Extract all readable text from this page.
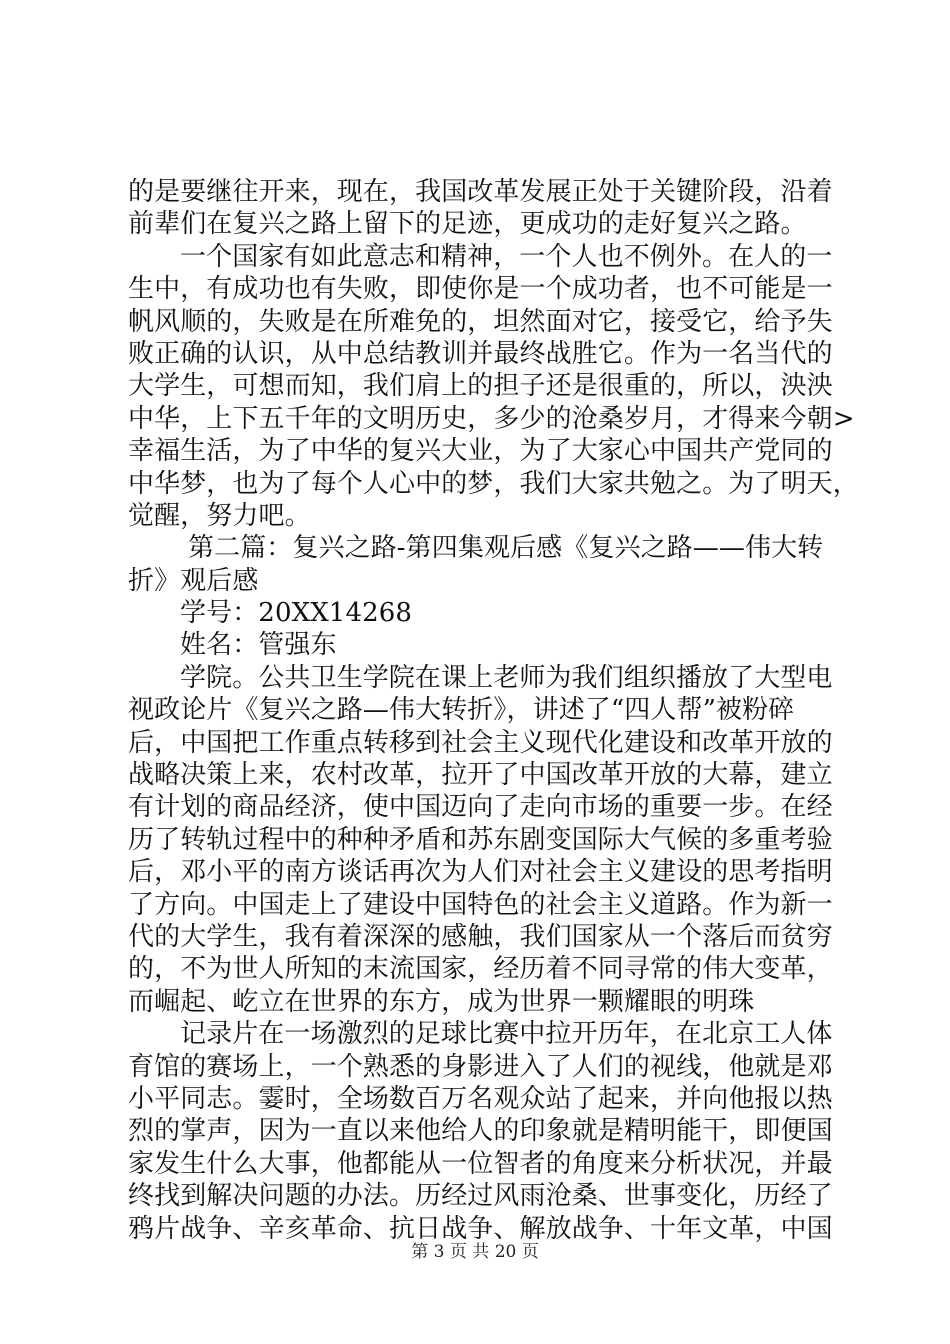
的是要继往开来，现在，我国改革发展正处于关键阶段，沿着
前辈们在复兴之路上留下的足迹，更成功的走好复兴之路。
一个国家有如此意志和精神，一个人也不例外。在人的一
生中，有成功也有失败，即使你是一个成功者，也不可能是一
帆风顺的，失败是在所难免的，坦然面对它，接受它，给予失
败正确的认识，从中总结教训并最终战胜它。作为一名当代的
大学生，可想而知，我们肩上的担子还是很重的，所以，泱泱
中华，上下五千年的文明历史，多少的沧桑岁月，才得来今朝>
幸福生活，为了中华的复兴大业，为了大家心中国共产党同的
中华梦，也为了每个人心中的梦，我们大家共勉之。为了明天，
觉醒，努力吧。
第二篇：复兴之路-第四集观后感《复兴之路——伟大转
折》观后感
学号：20XX14268
姓名：管强东
学院。公共卫生学院在课上老师为我们组织播放了大型电
视政论片《复兴之路—伟大转折》，讲述了“四人帮”被粉碎
后，中国把工作重点转移到社会主义现代化建设和改革开放的
战略决策上来，农村改革，拉开了中国改革开放的大幕，建立
有计划的商品经济，使中国迈向了走向市场的重要一步。在经
历了转轨过程中的种种矛盾和苏东剧变国际大气候的多重考验
后，邓小平的南方谈话再次为人们对社会主义建设的思考指明
了方向。中国走上了建设中国特色的社会主义道路。作为新一
代的大学生，我有着深深的感触，我们国家从一个落后而贫穷
的，不为世人所知的末流国家，经历着不同寻常的伟大变革，
而崛起、屹立在世界的东方，成为世界一颗耀眼的明珠
记录片在一场激烈的足球比赛中拉开历年，在北京工人体
育馆的赛场上，一个熟悉的身影进入了人们的视线，他就是邓
小平同志。霎时，全场数百万名观众站了起来，并向他报以热
烈的掌声，因为一直以来他给人的印象就是精明能干，即便国
家发生什么大事，他都能从一位智者的角度来分析状况，并最
终找到解决问题的办法。历经过风雨沧桑、世事变化，历经了
鸦片战争、辛亥革命、抗日战争、解放战争、十年文革，中国
第 3 页 共 20 页
